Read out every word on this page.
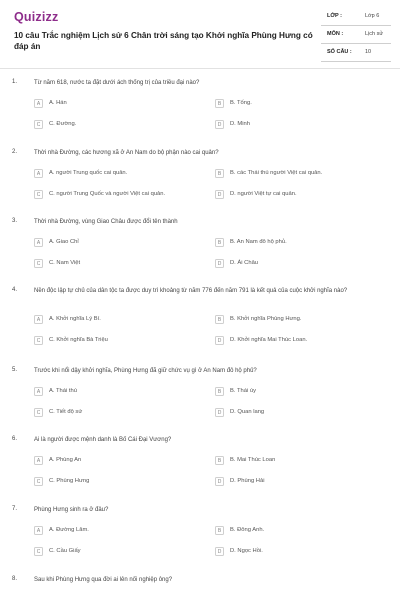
Quizizz
10 câu Trắc nghiệm Lịch sử 6 Chân trời sáng tạo Khởi nghĩa Phùng Hưng có đáp án
LỚP :	Lớp 6
MÔN :	Lịch sử
SỐ CÂU : 10
1.	Từ năm 618, nước ta đặt dưới ách thống trị của triều đại nào?
A	A. Hán	B	B. Tống.
C	C. Đường.	D	D. Minh
2.	Thời nhà Đường, các hương xã ở An Nam do bộ phận nào cai quản?
A	A. người Trung quốc cai quản.	B	B. các Thái thú người Việt cai quản.
C	C. người Trung Quốc và người Việt cai quản.	D	D. người Việt tự cai quản.
3.	Thời nhà Đường, vùng Giao Châu được đổi tên thành
A	A. Giao Chỉ	B	B. An Nam đô hộ phủ.
C	C. Nam Việt	D	D. Ái Châu
4.	Nền độc lập tự chủ của dân tộc ta được duy trì khoảng từ năm 776 đến năm 791 là kết quả của cuộc khởi nghĩa nào?
A	A. Khởi nghĩa Lý Bí.	B	B. Khởi nghĩa Phùng Hưng.
C	C. Khởi nghĩa Bà Triệu	D	D. Khởi nghĩa Mai Thúc Loan.
5.	Trước khi nổi dậy khởi nghĩa, Phùng Hưng đã giữ chức vụ gì ở An Nam đô hộ phủ?
A	A. Thái thú	B	B. Thái úy
C	C. Tiết độ sứ	D	D. Quan lang
6.	Ai là người được mệnh danh là Bố Cái Đại Vương?
A	A. Phùng An	B	B. Mai Thúc Loan
C	C. Phùng Hưng	D	D. Phùng Hải
7.	Phùng Hưng sinh ra ở đâu?
A	A. Đường Lâm.	B	B. Đông Anh.
C	C. Cầu Giấy	D	D. Ngọc Hồi.
8.	Sau khi Phùng Hưng qua đời ai lên nối nghiệp ông?
